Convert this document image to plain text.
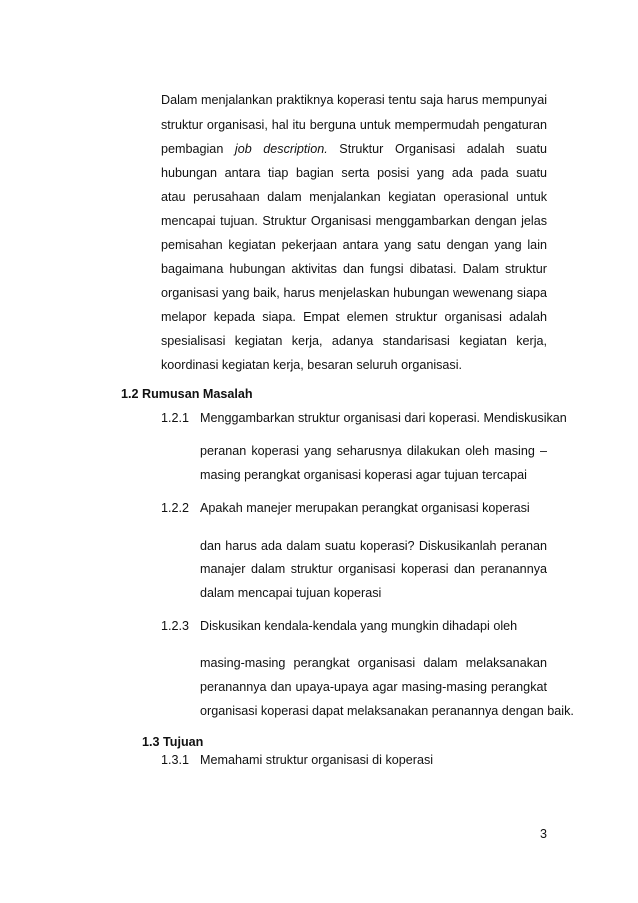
Dalam menjalankan praktiknya koperasi tentu saja harus mempunyai
struktur organisasi, hal itu berguna untuk mempermudah pengaturan
pembagian job description. Struktur Organisasi adalah suatu
hubungan antara tiap bagian serta posisi yang ada pada suatu
atau perusahaan dalam menjalankan kegiatan operasional untuk
mencapai tujuan. Struktur Organisasi menggambarkan dengan jelas
pemisahan kegiatan pekerjaan antara yang satu dengan yang lain
bagaimana hubungan aktivitas dan fungsi dibatasi. Dalam struktur
organisasi yang baik, harus menjelaskan hubungan wewenang siapa
melapor kepada siapa. Empat elemen struktur organisasi adalah
spesialisasi kegiatan kerja, adanya standarisasi kegiatan kerja,
koordinasi kegiatan kerja, besaran seluruh organisasi.
1.2 Rumusan Masalah
1.2.1 Menggambarkan struktur organisasi dari koperasi. Mendiskusikan
peranan koperasi yang seharusnya dilakukan oleh masing –
masing perangkat organisasi koperasi agar tujuan tercapai
1.2.2 Apakah manejer merupakan perangkat organisasi koperasi
dan harus ada dalam suatu koperasi? Diskusikanlah peranan
manajer dalam struktur organisasi koperasi dan peranannya
dalam mencapai tujuan koperasi
1.2.3 Diskusikan kendala-kendala yang mungkin dihadapi oleh
masing-masing perangkat organisasi dalam melaksanakan
peranannya dan upaya-upaya agar masing-masing perangkat
organisasi koperasi dapat melaksanakan peranannya dengan baik.
1.3 Tujuan
1.3.1 Memahami struktur organisasi di koperasi
3
